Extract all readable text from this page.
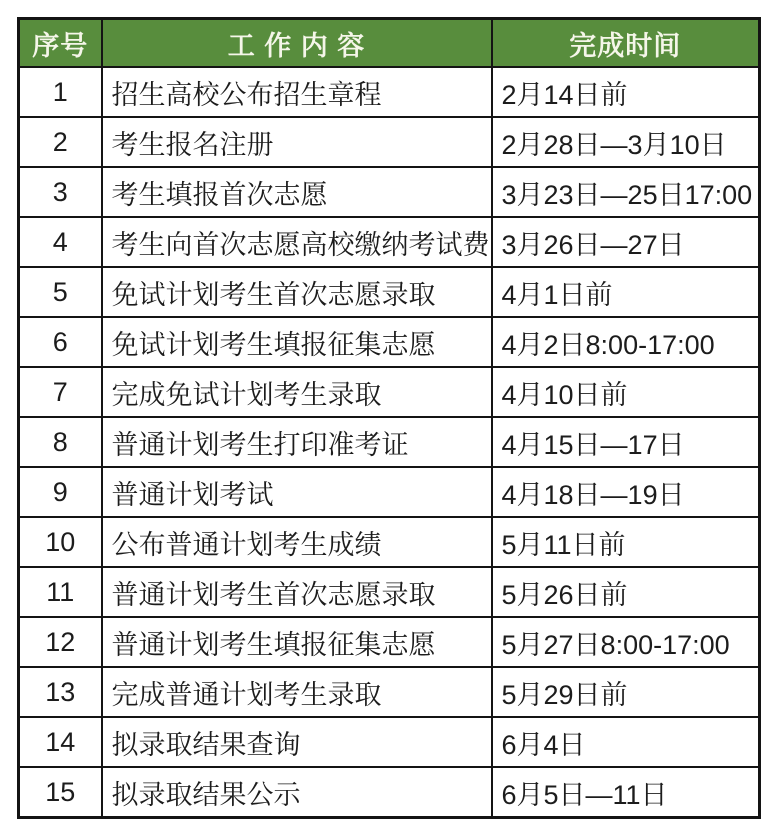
序号	工 作 内 容	完成时间
1	招生高校公布招生章程	2月14日前
2	考生报名注册	2月28日—3月10日
3	考生填报首次志愿	3月23日—25日17:00
4	考生向首次志愿高校缴纳考试费	3月26日—27日
5	免试计划考生首次志愿录取	4月1日前
6	免试计划考生填报征集志愿	4月2日8:00-17:00
7	完成免试计划考生录取	4月10日前
8	普通计划考生打印准考证	4月15日—17日
9	普通计划考试	4月18日—19日
10	公布普通计划考生成绩	5月11日前
11	普通计划考生首次志愿录取	5月26日前
12	普通计划考生填报征集志愿	5月27日8:00-17:00
13	完成普通计划考生录取	5月29日前
14	拟录取结果查询	6月4日
15	拟录取结果公示	6月5日—11日
